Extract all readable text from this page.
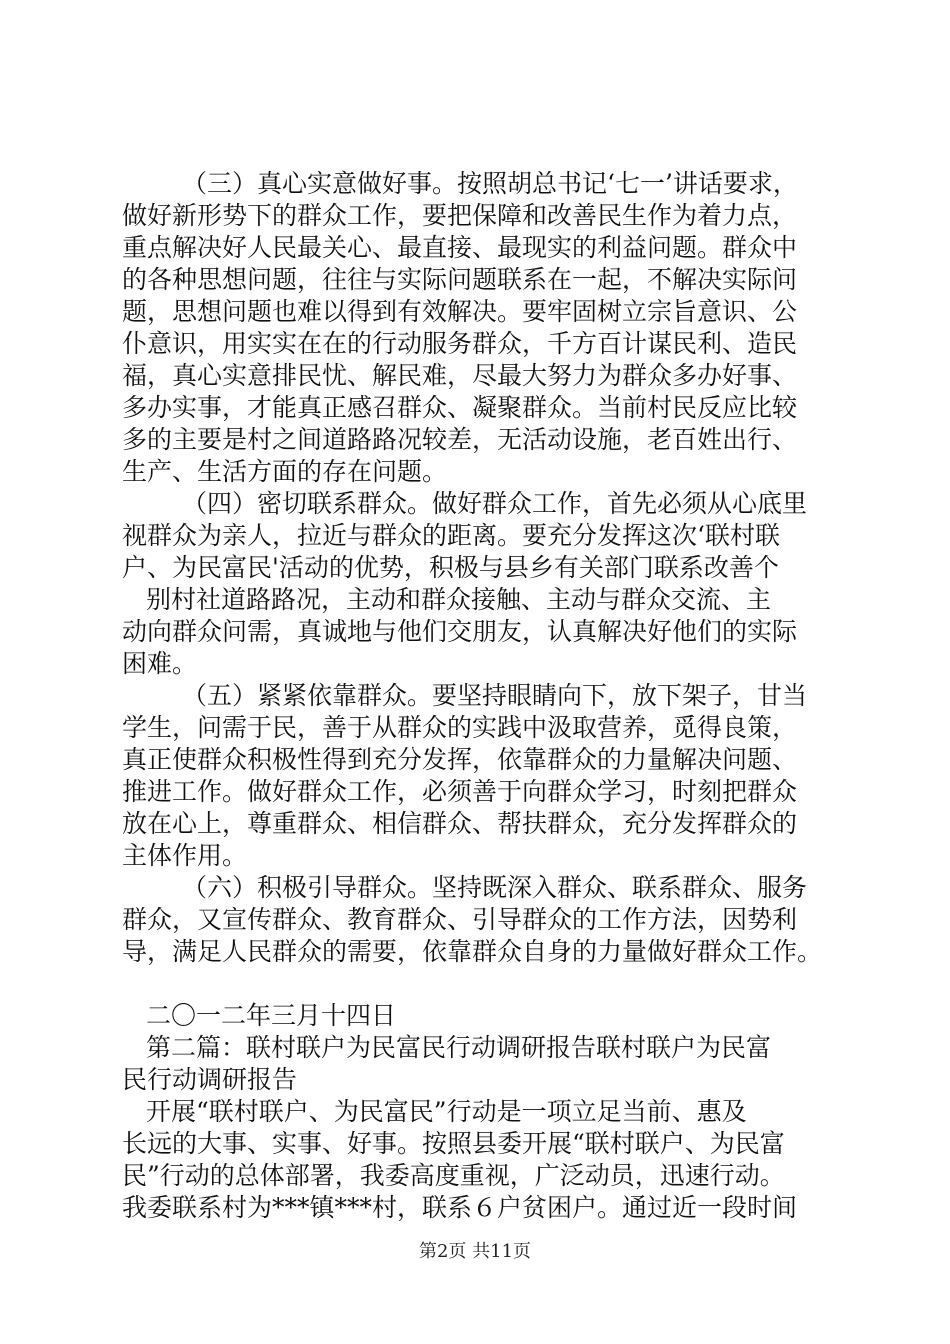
（三）真心实意做好事。按照胡总书记‘七一’讲话要求，
做好新形势下的群众工作，要把保障和改善民生作为着力点，
重点解决好人民最关心、最直接、最现实的利益问题。群众中
的各种思想问题，往往与实际问题联系在一起，不解决实际问
题，思想问题也难以得到有效解决。要牢固树立宗旨意识、公
仆意识，用实实在在的行动服务群众，千方百计谋民利、造民
福，真心实意排民忧、解民难，尽最大努力为群众多办好事、
多办实事，才能真正感召群众、凝聚群众。当前村民反应比较
多的主要是村之间道路路况较差，无活动设施，老百姓出行、
生产、生活方面的存在问题。
（四）密切联系群众。做好群众工作，首先必须从心底里
视群众为亲人，拉近与群众的距离。要充分发挥这次‘联村联
户、为民富民'活动的优势，积极与县乡有关部门联系改善个
别村社道路路况，主动和群众接触、主动与群众交流、主
动向群众问需，真诚地与他们交朋友，认真解决好他们的实际
困难。
（五）紧紧依靠群众。要坚持眼睛向下，放下架子，甘当
学生，问需于民，善于从群众的实践中汲取营养，觅得良策，
真正使群众积极性得到充分发挥，依靠群众的力量解决问题、
推进工作。做好群众工作，必须善于向群众学习，时刻把群众
放在心上，尊重群众、相信群众、帮扶群众，充分发挥群众的
主体作用。
（六）积极引导群众。坚持既深入群众、联系群众、服务
群众，又宣传群众、教育群众、引导群众的工作方法，因势利
导，满足人民群众的需要，依靠群众自身的力量做好群众工作。
二〇一二年三月十四日
第二篇：联村联户为民富民行动调研报告联村联户为民富
民行动调研报告
开展“联村联户、为民富民”行动是一项立足当前、惠及
长远的大事、实事、好事。按照县委开展“联村联户、为民富
民”行动的总体部署，我委高度重视，广泛动员，迅速行动。
我委联系村为***镇***村，联系６户贫困户。通过近一段时间
第2页 共11页
